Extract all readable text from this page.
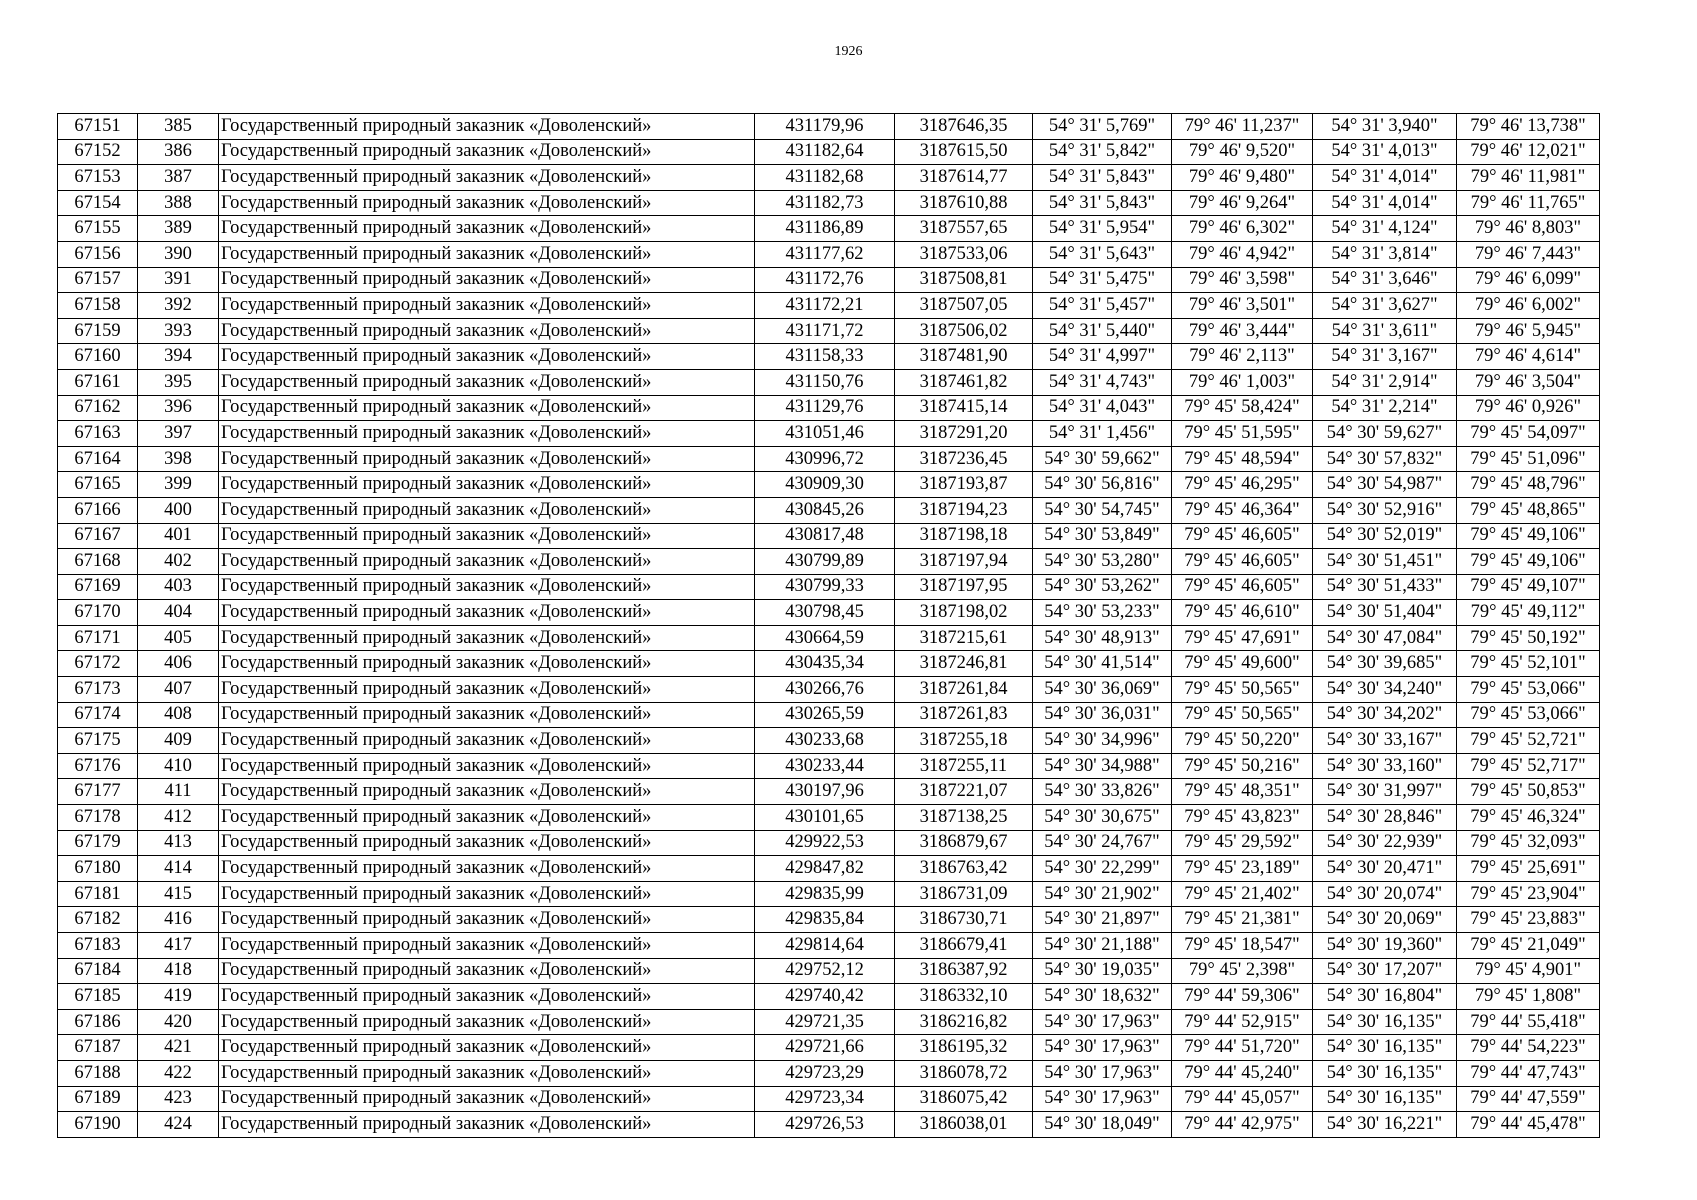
1926
67151	385	Государственный природный заказник «Доволенский»	431179,96	3187646,35	54° 31' 5,769"	79° 46' 11,237"	54° 31' 3,940"	79° 46' 13,738"
67152	386	Государственный природный заказник «Доволенский»	431182,64	3187615,50	54° 31' 5,842"	79° 46' 9,520"	54° 31' 4,013"	79° 46' 12,021"
67153	387	Государственный природный заказник «Доволенский»	431182,68	3187614,77	54° 31' 5,843"	79° 46' 9,480"	54° 31' 4,014"	79° 46' 11,981"
67154	388	Государственный природный заказник «Доволенский»	431182,73	3187610,88	54° 31' 5,843"	79° 46' 9,264"	54° 31' 4,014"	79° 46' 11,765"
67155	389	Государственный природный заказник «Доволенский»	431186,89	3187557,65	54° 31' 5,954"	79° 46' 6,302"	54° 31' 4,124"	79° 46' 8,803"
67156	390	Государственный природный заказник «Доволенский»	431177,62	3187533,06	54° 31' 5,643"	79° 46' 4,942"	54° 31' 3,814"	79° 46' 7,443"
67157	391	Государственный природный заказник «Доволенский»	431172,76	3187508,81	54° 31' 5,475"	79° 46' 3,598"	54° 31' 3,646"	79° 46' 6,099"
67158	392	Государственный природный заказник «Доволенский»	431172,21	3187507,05	54° 31' 5,457"	79° 46' 3,501"	54° 31' 3,627"	79° 46' 6,002"
67159	393	Государственный природный заказник «Доволенский»	431171,72	3187506,02	54° 31' 5,440"	79° 46' 3,444"	54° 31' 3,611"	79° 46' 5,945"
67160	394	Государственный природный заказник «Доволенский»	431158,33	3187481,90	54° 31' 4,997"	79° 46' 2,113"	54° 31' 3,167"	79° 46' 4,614"
67161	395	Государственный природный заказник «Доволенский»	431150,76	3187461,82	54° 31' 4,743"	79° 46' 1,003"	54° 31' 2,914"	79° 46' 3,504"
67162	396	Государственный природный заказник «Доволенский»	431129,76	3187415,14	54° 31' 4,043"	79° 45' 58,424"	54° 31' 2,214"	79° 46' 0,926"
67163	397	Государственный природный заказник «Доволенский»	431051,46	3187291,20	54° 31' 1,456"	79° 45' 51,595"	54° 30' 59,627"	79° 45' 54,097"
67164	398	Государственный природный заказник «Доволенский»	430996,72	3187236,45	54° 30' 59,662"	79° 45' 48,594"	54° 30' 57,832"	79° 45' 51,096"
67165	399	Государственный природный заказник «Доволенский»	430909,30	3187193,87	54° 30' 56,816"	79° 45' 46,295"	54° 30' 54,987"	79° 45' 48,796"
67166	400	Государственный природный заказник «Доволенский»	430845,26	3187194,23	54° 30' 54,745"	79° 45' 46,364"	54° 30' 52,916"	79° 45' 48,865"
67167	401	Государственный природный заказник «Доволенский»	430817,48	3187198,18	54° 30' 53,849"	79° 45' 46,605"	54° 30' 52,019"	79° 45' 49,106"
67168	402	Государственный природный заказник «Доволенский»	430799,89	3187197,94	54° 30' 53,280"	79° 45' 46,605"	54° 30' 51,451"	79° 45' 49,106"
67169	403	Государственный природный заказник «Доволенский»	430799,33	3187197,95	54° 30' 53,262"	79° 45' 46,605"	54° 30' 51,433"	79° 45' 49,107"
67170	404	Государственный природный заказник «Доволенский»	430798,45	3187198,02	54° 30' 53,233"	79° 45' 46,610"	54° 30' 51,404"	79° 45' 49,112"
67171	405	Государственный природный заказник «Доволенский»	430664,59	3187215,61	54° 30' 48,913"	79° 45' 47,691"	54° 30' 47,084"	79° 45' 50,192"
67172	406	Государственный природный заказник «Доволенский»	430435,34	3187246,81	54° 30' 41,514"	79° 45' 49,600"	54° 30' 39,685"	79° 45' 52,101"
67173	407	Государственный природный заказник «Доволенский»	430266,76	3187261,84	54° 30' 36,069"	79° 45' 50,565"	54° 30' 34,240"	79° 45' 53,066"
67174	408	Государственный природный заказник «Доволенский»	430265,59	3187261,83	54° 30' 36,031"	79° 45' 50,565"	54° 30' 34,202"	79° 45' 53,066"
67175	409	Государственный природный заказник «Доволенский»	430233,68	3187255,18	54° 30' 34,996"	79° 45' 50,220"	54° 30' 33,167"	79° 45' 52,721"
67176	410	Государственный природный заказник «Доволенский»	430233,44	3187255,11	54° 30' 34,988"	79° 45' 50,216"	54° 30' 33,160"	79° 45' 52,717"
67177	411	Государственный природный заказник «Доволенский»	430197,96	3187221,07	54° 30' 33,826"	79° 45' 48,351"	54° 30' 31,997"	79° 45' 50,853"
67178	412	Государственный природный заказник «Доволенский»	430101,65	3187138,25	54° 30' 30,675"	79° 45' 43,823"	54° 30' 28,846"	79° 45' 46,324"
67179	413	Государственный природный заказник «Доволенский»	429922,53	3186879,67	54° 30' 24,767"	79° 45' 29,592"	54° 30' 22,939"	79° 45' 32,093"
67180	414	Государственный природный заказник «Доволенский»	429847,82	3186763,42	54° 30' 22,299"	79° 45' 23,189"	54° 30' 20,471"	79° 45' 25,691"
67181	415	Государственный природный заказник «Доволенский»	429835,99	3186731,09	54° 30' 21,902"	79° 45' 21,402"	54° 30' 20,074"	79° 45' 23,904"
67182	416	Государственный природный заказник «Доволенский»	429835,84	3186730,71	54° 30' 21,897"	79° 45' 21,381"	54° 30' 20,069"	79° 45' 23,883"
67183	417	Государственный природный заказник «Доволенский»	429814,64	3186679,41	54° 30' 21,188"	79° 45' 18,547"	54° 30' 19,360"	79° 45' 21,049"
67184	418	Государственный природный заказник «Доволенский»	429752,12	3186387,92	54° 30' 19,035"	79° 45' 2,398"	54° 30' 17,207"	79° 45' 4,901"
67185	419	Государственный природный заказник «Доволенский»	429740,42	3186332,10	54° 30' 18,632"	79° 44' 59,306"	54° 30' 16,804"	79° 45' 1,808"
67186	420	Государственный природный заказник «Доволенский»	429721,35	3186216,82	54° 30' 17,963"	79° 44' 52,915"	54° 30' 16,135"	79° 44' 55,418"
67187	421	Государственный природный заказник «Доволенский»	429721,66	3186195,32	54° 30' 17,963"	79° 44' 51,720"	54° 30' 16,135"	79° 44' 54,223"
67188	422	Государственный природный заказник «Доволенский»	429723,29	3186078,72	54° 30' 17,963"	79° 44' 45,240"	54° 30' 16,135"	79° 44' 47,743"
67189	423	Государственный природный заказник «Доволенский»	429723,34	3186075,42	54° 30' 17,963"	79° 44' 45,057"	54° 30' 16,135"	79° 44' 47,559"
67190	424	Государственный природный заказник «Доволенский»	429726,53	3186038,01	54° 30' 18,049"	79° 44' 42,975"	54° 30' 16,221"	79° 44' 45,478"
